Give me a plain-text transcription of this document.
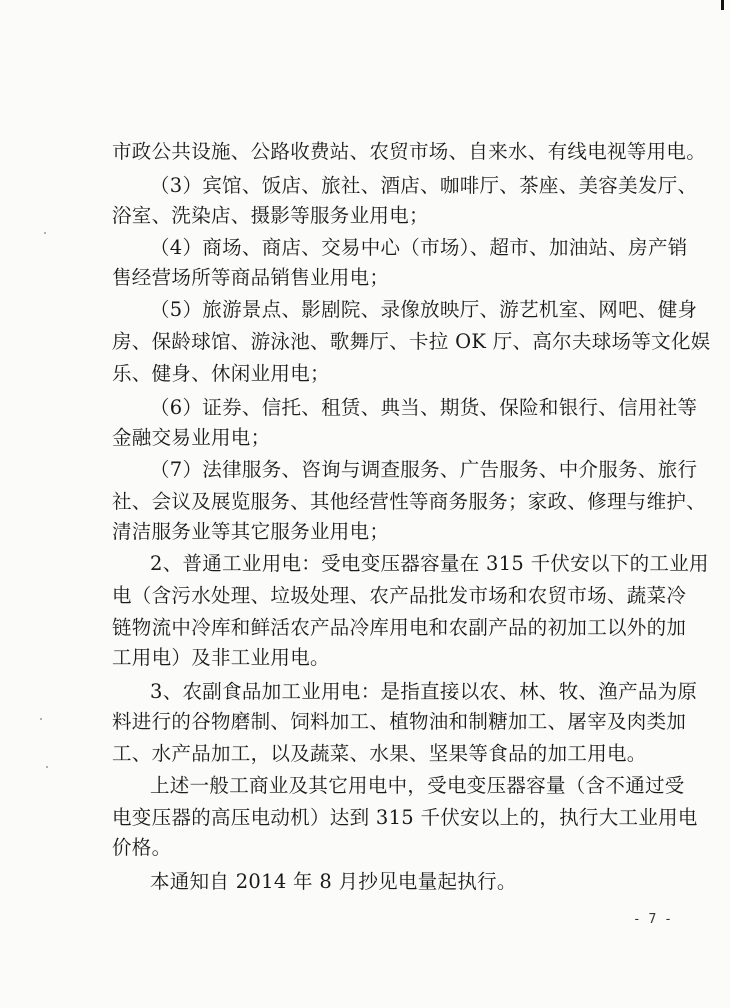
市政公共设施、公路收费站、农贸市场、自来水、有线电视等用电。
（3）宾馆、饭店、旅社、酒店、咖啡厅、茶座、美容美发厅、
浴室、洗染店、摄影等服务业用电；
（4）商场、商店、交易中心（市场）、超市、加油站、房产销
售经营场所等商品销售业用电；
（5）旅游景点、影剧院、录像放映厅、游艺机室、网吧、健身
房、保龄球馆、游泳池、歌舞厅、卡拉 OK 厅、高尔夫球场等文化娱
乐、健身、休闲业用电；
（6）证券、信托、租赁、典当、期货、保险和银行、信用社等
金融交易业用电；
（7）法律服务、咨询与调查服务、广告服务、中介服务、旅行
社、会议及展览服务、其他经营性等商务服务；家政、修理与维护、
清洁服务业等其它服务业用电；
2、普通工业用电：受电变压器容量在 315 千伏安以下的工业用
电（含污水处理、垃圾处理、农产品批发市场和农贸市场、蔬菜冷
链物流中冷库和鲜活农产品冷库用电和农副产品的初加工以外的加
工用电）及非工业用电。
3、农副食品加工业用电：是指直接以农、林、牧、渔产品为原
料进行的谷物磨制、饲料加工、植物油和制糖加工、屠宰及肉类加
工、水产品加工，以及蔬菜、水果、坚果等食品的加工用电。
上述一般工商业及其它用电中，受电变压器容量（含不通过受
电变压器的高压电动机）达到 315 千伏安以上的，执行大工业用电
价格。
本通知自 2014 年 8 月抄见电量起执行。
- 7 -
